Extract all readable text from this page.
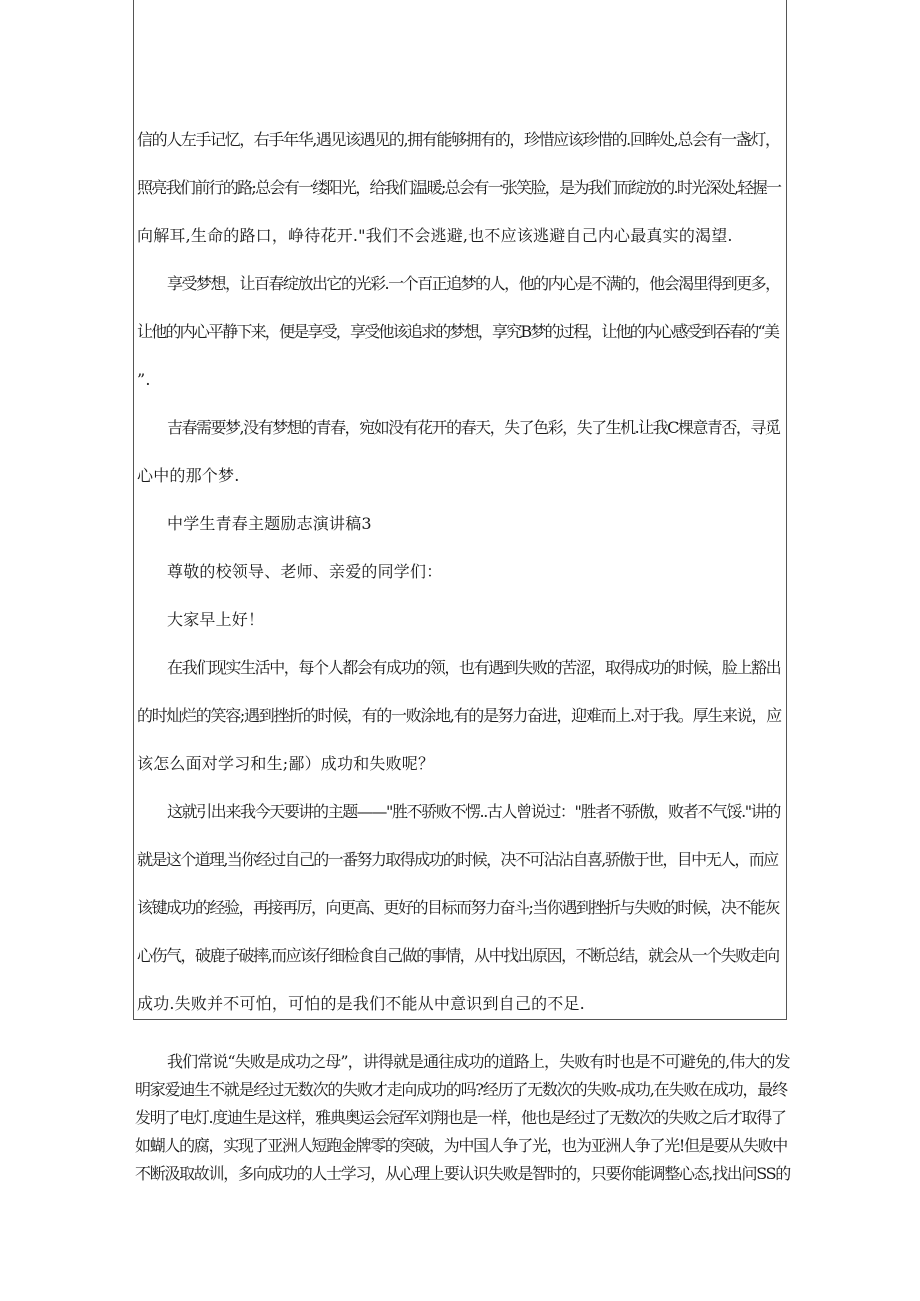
信的人左手记忆，右手年华,遇见该遇见的,拥有能够拥有的，珍惜应该珍惜的.回眸处,总会有一盏灯，
照亮我们前行的路;总会有一缕阳光，给我们温暖;总会有一张笑脸，是为我们而绽放的.时光深处,轻握一
向解耳,生命的路口，峥待花开."我们不会逃避,也不应该逃避自己内心最真实的渴望.
享受梦想，让百春绽放出它的光彩.一个百正追梦的人，他的内心是不满的，他会渴里得到更多，
让他的内心平静下来，便是享受，享受他该追求的梦想，享究B梦的过程，让他的内心感受到吞春的“美
”.
吉春需要梦,没有梦想的青春，宛如没有花开的春天，失了色彩，失了生机.让我C棵意青否，寻觅
心中的那个梦.
中学生青春主题励志演讲稿3
尊敬的校领导、老师、亲爱的同学们：
大家早上好！
在我们现实生活中，每个人都会有成功的领，也有遇到失败的苦涩，取得成功的时候，脸上豁出
的时灿烂的笑容;遇到挫折的时候，有的一败涂地,有的是努力奋进，迎难而上.对于我。厚生来说，应
该怎么面对学习和生;鄙）成功和失败呢？
这就引出来我今天要讲的主题——"胜不骄败不愣..古人曾说过："胜者不骄傲，败者不气馁."讲的
就是这个道理,当你经过自己的一番努力取得成功的时候，决不可沾沾自喜,骄傲于世，目中无人，而应
该键成功的经验，再接再厉，向更高、更好的目标而努力奋斗;当你遇到挫折与失败的时候，决不能灰
心伤气，破鹿子破摔,而应该仔细检食自己做的事情，从中找出原因，不断总结，就会从一个失败走向
成功.失败并不可怕，可怕的是我们不能从中意识到自己的不足.
我们常说“失败是成功之母”，讲得就是通往成功的道路上，失败有时也是不可避免的,伟大的发
明家爱迪生不就是经过无数次的失败才走向成功的吗?经历了无数次的失败-成功,在失败在成功，最终
发明了电灯.度迪生是这样，雅典奥运会冠军刘翔也是一样，他也是经过了无数次的失败之后才取得了
如蝴人的腐，实现了亚洲人短跑金牌零的突破，为中国人争了光，也为亚洲人争了光!但是要从失败中
不断汲取故训，多向成功的人士学习，从心理上要认识失败是智时的，只要你能调整心态,找出问SS的
